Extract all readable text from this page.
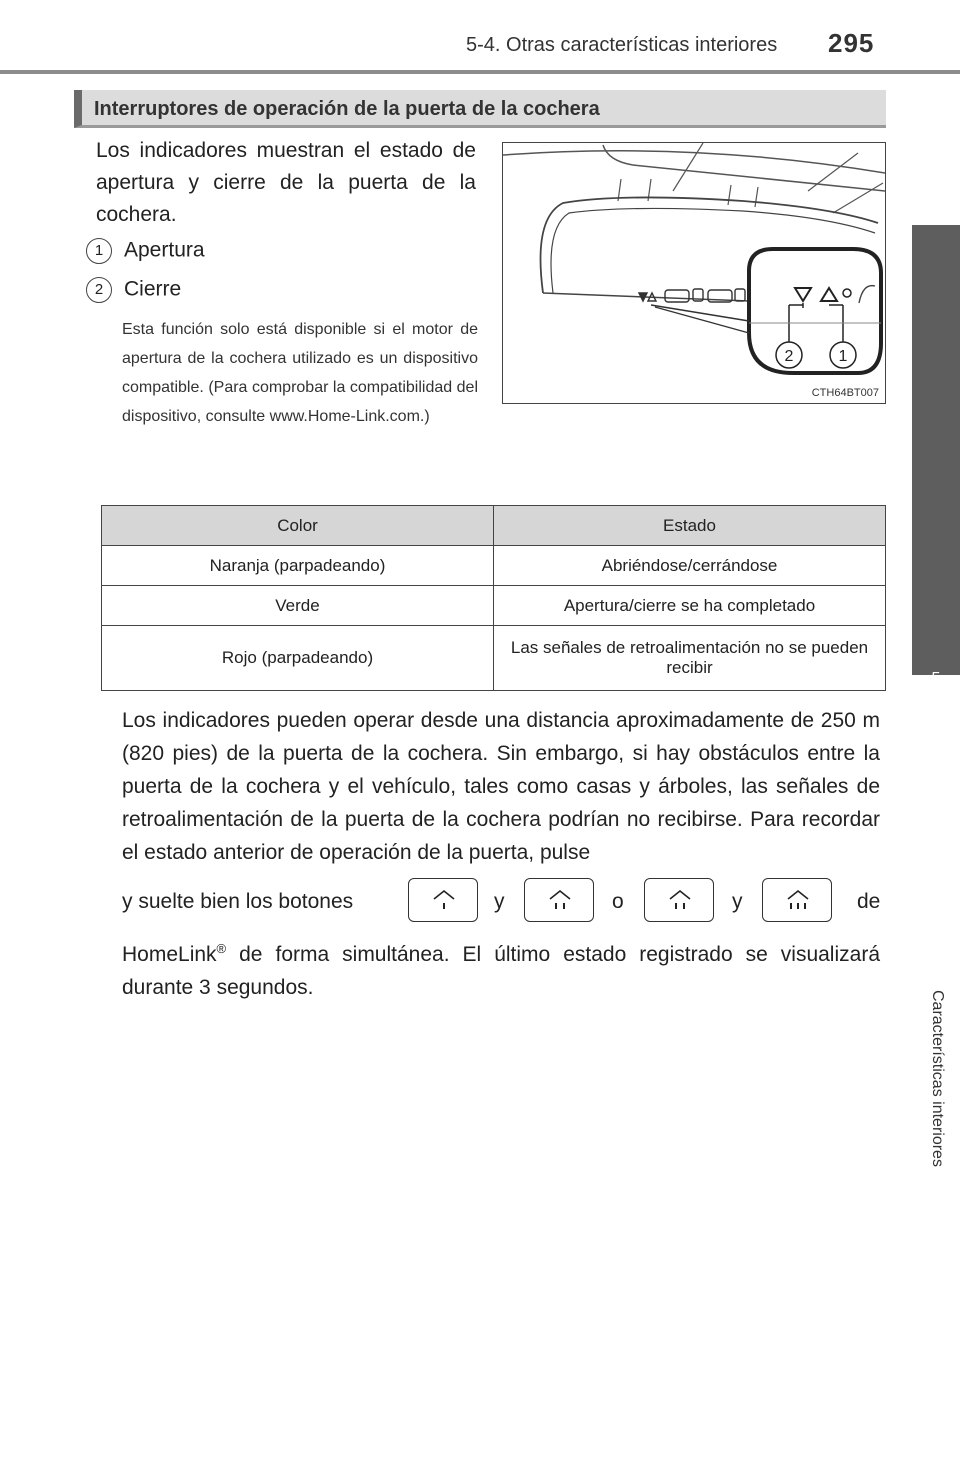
5-4. Otras características interiores 295
5
Características interiores
Interruptores de operación de la puerta de la cochera
Los indicadores muestran el estado de apertura y cierre de la puerta de la cochera.
1 Apertura
2 Cierre
Esta función solo está disponible si el motor de apertura de la cochera utilizado es un dispositivo compatible. (Para comprobar la compatibilidad del dispositivo, consulte www.Home-Link.com.)
2	1
CTH64BT007
Color	Estado
Naranja (parpadeando)	Abriéndose/cerrándose
Verde	Apertura/cierre se ha completado
Rojo (parpadeando)	Las señales de retroalimentación no se pueden recibir
Los indicadores pueden operar desde una distancia aproximadamente de 250 m (820 pies) de la puerta de la cochera. Sin embargo, si hay obstáculos entre la puerta de la cochera y el vehículo, tales como casas y árboles, las señales de retroalimentación de la puerta de la cochera podrían no recibirse. Para recordar el estado anterior de operación de la puerta, pulse
y suelte bien los botones	y	o	y	de
HomeLink® de forma simultánea. El último estado registrado se visualizará durante 3 segundos.
